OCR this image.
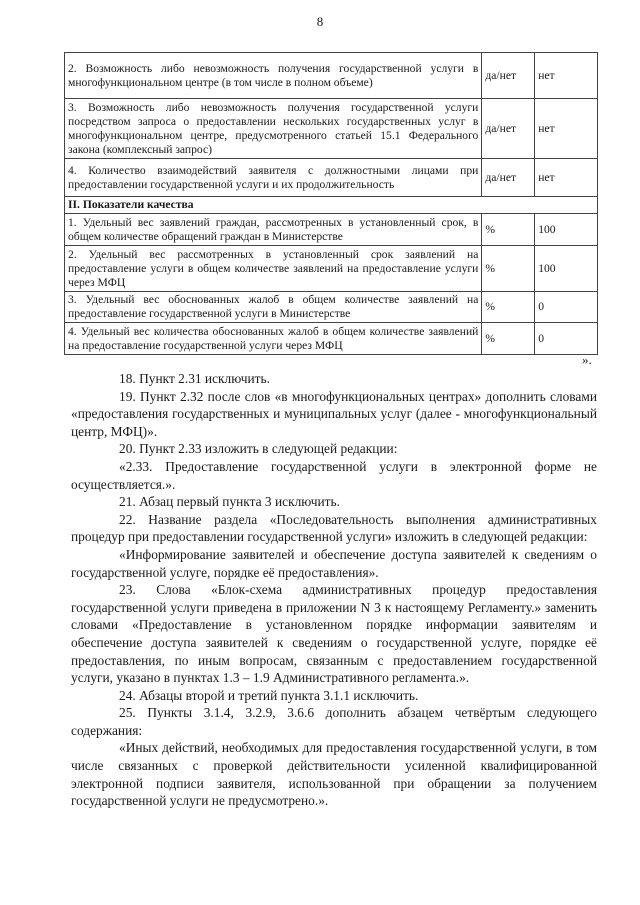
8
2. Возможность либо невозможность получения государственной услуги в многофункциональном центре (в том числе в полном объеме)	да/нет	нет
3. Возможность либо невозможность получения государственной услуги посредством запроса о предоставлении нескольких государственных услуг в многофункциональном центре, предусмотренного статьей 15.1 Федерального закона (комплексный запрос)	да/нет	нет
4. Количество взаимодействий заявителя с должностными лицами при предоставлении государственной услуги и их продолжительность	да/нет	нет
II. Показатели качества		
1. Удельный вес заявлений граждан, рассмотренных в установленный срок, в общем количестве обращений граждан в Министерстве	%	100
2. Удельный вес рассмотренных в установленный срок заявлений на предоставление услуги в общем количестве заявлений на предоставление услуги через МФЦ	%	100
3. Удельный вес обоснованных жалоб в общем количестве заявлений на предоставление государственной услуги в Министерстве	%	0
4. Удельный вес количества обоснованных жалоб в общем количестве заявлений на предоставление государственной услуги через МФЦ	%	0
».

18. Пункт 2.31 исключить.

19. Пункт 2.32 после слов «в многофункциональных центрах» дополнить словами «предоставления государственных и муниципальных услуг (далее - многофункциональный центр, МФЦ)».

20. Пункт 2.33 изложить в следующей редакции:

«2.33. Предоставление государственной услуги в электронной форме не осуществляется.».

21. Абзац первый пункта 3 исключить.

22. Название раздела «Последовательность выполнения административных процедур при предоставлении государственной услуги» изложить в следующей редакции:

«Информирование заявителей и обеспечение доступа заявителей к сведениям о государственной услуге, порядке её предоставления».

23. Слова «Блок-схема административных процедур предоставления государственной услуги приведена в приложении N 3 к настоящему Регламенту.» заменить словами «Предоставление в установленном порядке информации заявителям и обеспечение доступа заявителей к сведениям о государственной услуге, порядке её предоставления, по иным вопросам, связанным с предоставлением государственной услуги, указано в пунктах 1.3 – 1.9 Административного регламента.».

24. Абзацы второй и третий пункта 3.1.1 исключить.

25. Пункты 3.1.4, 3.2.9, 3.6.6 дополнить абзацем четвёртым следующего содержания:

«Иных действий, необходимых для предоставления государственной услуги, в том числе связанных с проверкой действительности усиленной квалифицированной электронной подписи заявителя, использованной при обращении за получением государственной услуги не предусмотрено.».
